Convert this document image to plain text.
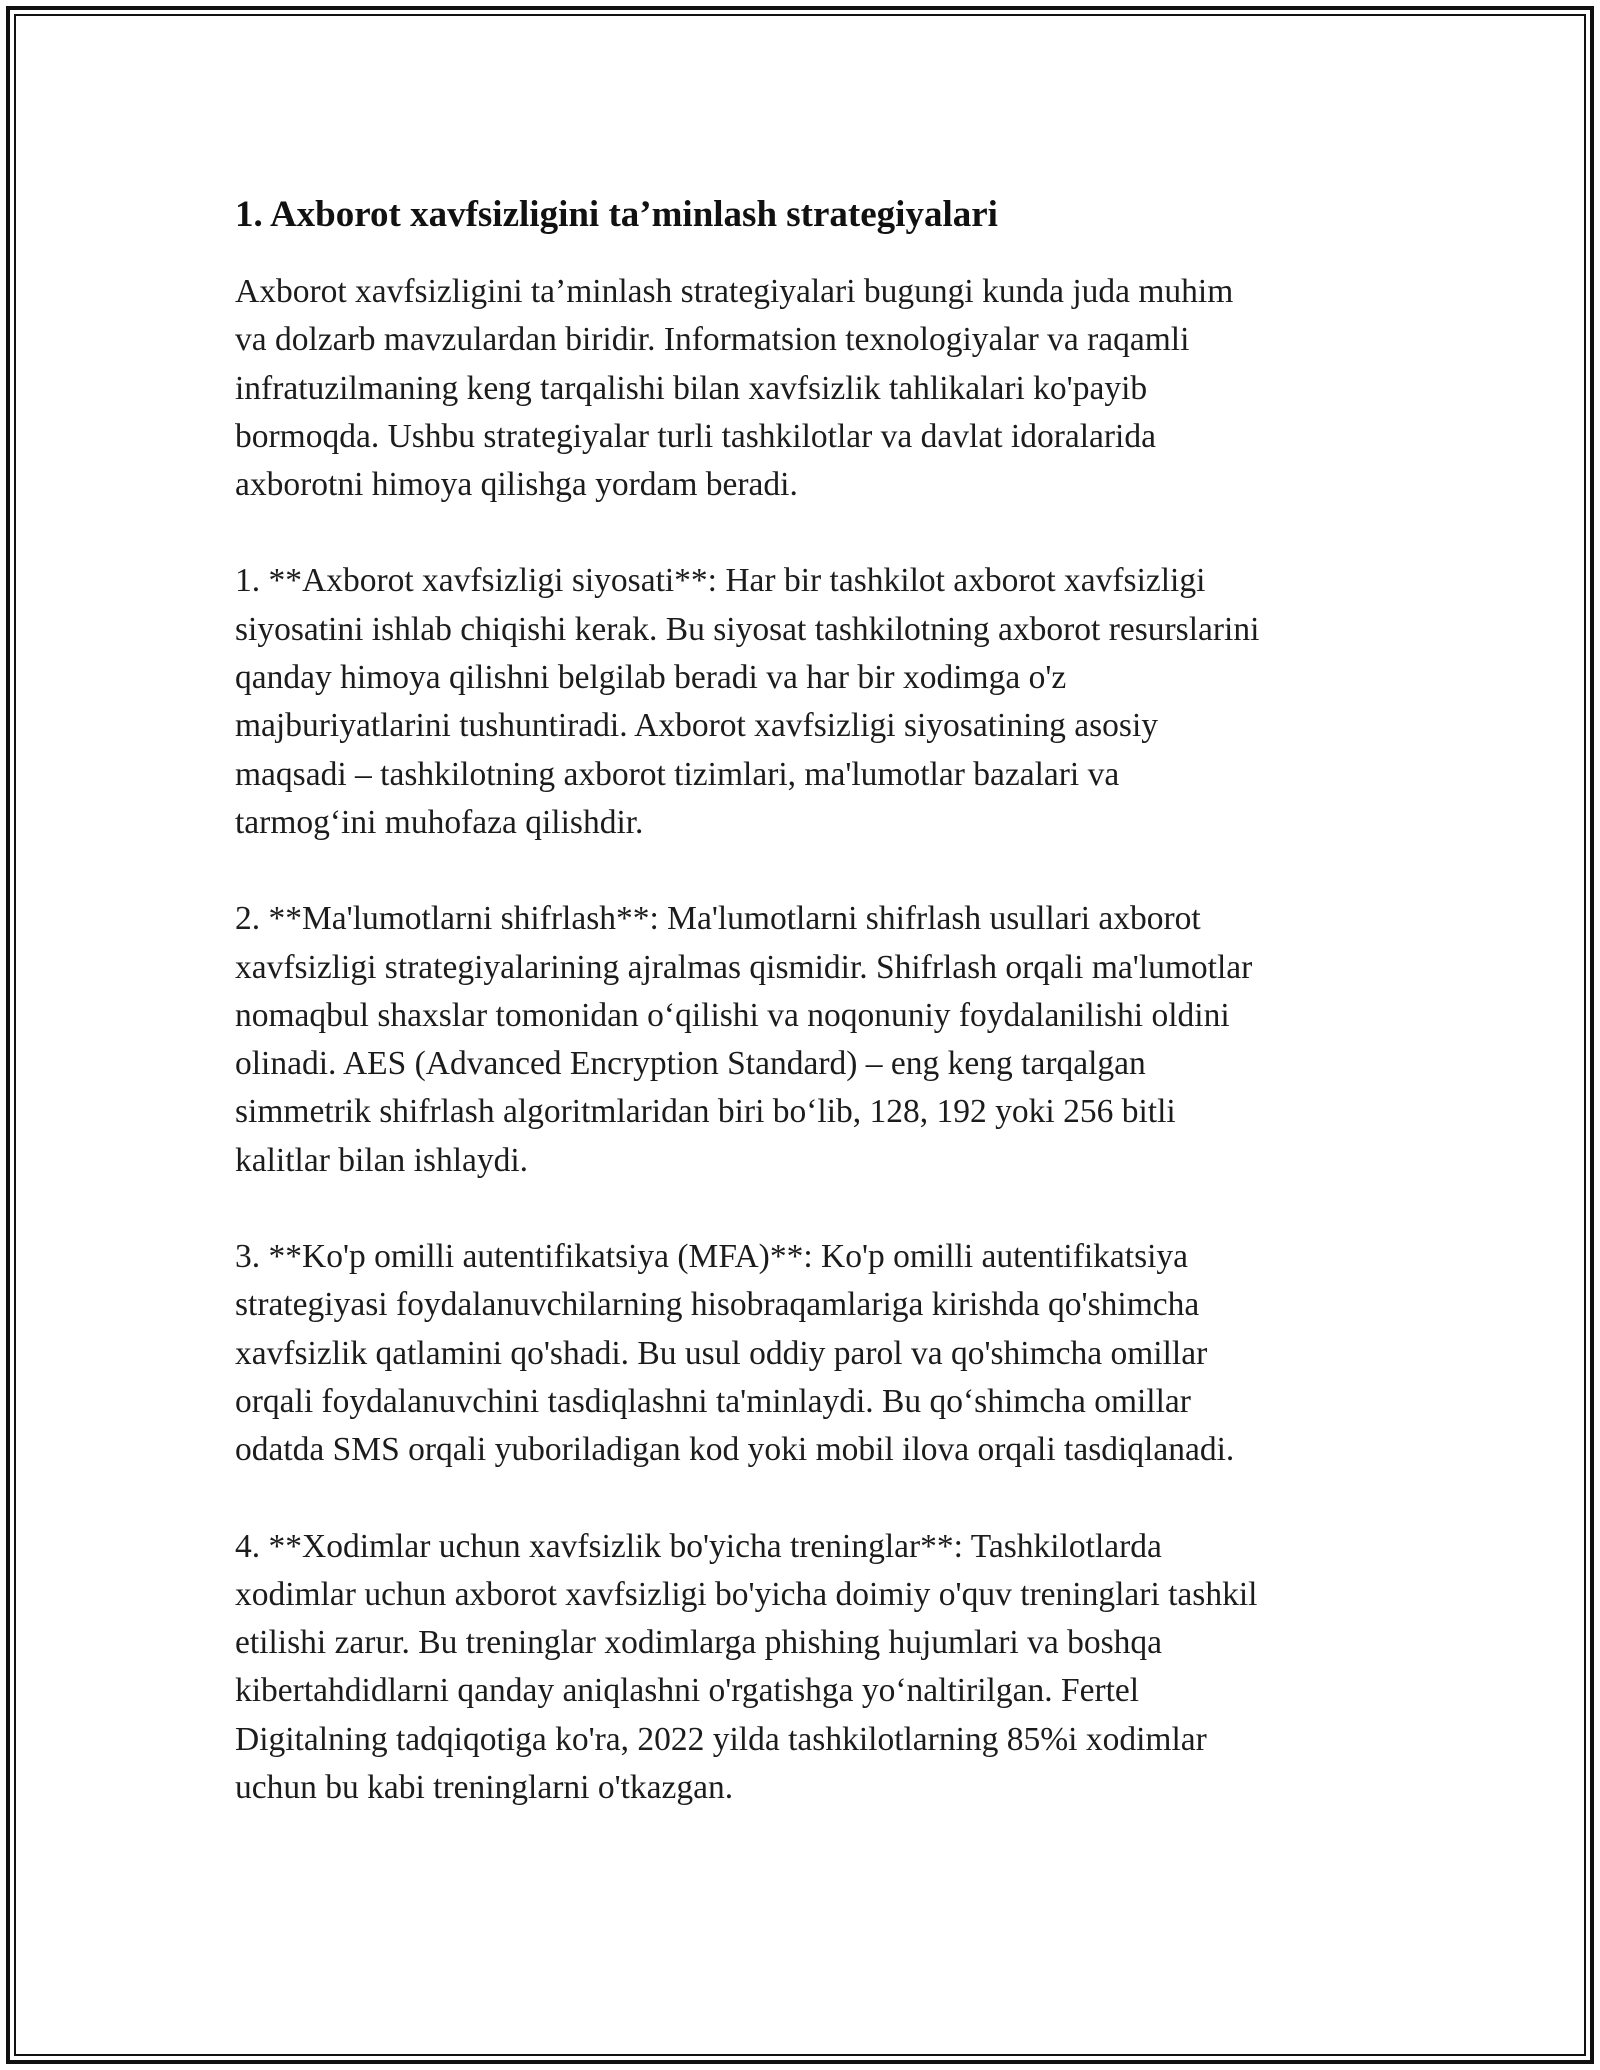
1. Axborot xavfsizligini ta’minlash strategiyalari

Axborot xavfsizligini ta’minlash strategiyalari bugungi kunda juda muhim
va dolzarb mavzulardan biridir. Informatsion texnologiyalar va raqamli
infratuzilmaning keng tarqalishi bilan xavfsizlik tahlikalari ko'payib
bormoqda. Ushbu strategiyalar turli tashkilotlar va davlat idoralarida
axborotni himoya qilishga yordam beradi.

1. **Axborot xavfsizligi siyosati**: Har bir tashkilot axborot xavfsizligi
siyosatini ishlab chiqishi kerak. Bu siyosat tashkilotning axborot resurslarini
qanday himoya qilishni belgilab beradi va har bir xodimga o'z
majburiyatlarini tushuntiradi. Axborot xavfsizligi siyosatining asosiy
maqsadi – tashkilotning axborot tizimlari, ma'lumotlar bazalari va
tarmog‘ini muhofaza qilishdir.

2. **Ma'lumotlarni shifrlash**: Ma'lumotlarni shifrlash usullari axborot
xavfsizligi strategiyalarining ajralmas qismidir. Shifrlash orqali ma'lumotlar
nomaqbul shaxslar tomonidan o‘qilishi va noqonuniy foydalanilishi oldini
olinadi. AES (Advanced Encryption Standard) – eng keng tarqalgan
simmetrik shifrlash algoritmlaridan biri bo‘lib, 128, 192 yoki 256 bitli
kalitlar bilan ishlaydi.

3. **Ko'p omilli autentifikatsiya (MFA)**: Ko'p omilli autentifikatsiya
strategiyasi foydalanuvchilarning hisobraqamlariga kirishda qo'shimcha
xavfsizlik qatlamini qo'shadi. Bu usul oddiy parol va qo'shimcha omillar
orqali foydalanuvchini tasdiqlashni ta'minlaydi. Bu qo‘shimcha omillar
odatda SMS orqali yuboriladigan kod yoki mobil ilova orqali tasdiqlanadi.

4. **Xodimlar uchun xavfsizlik bo'yicha treninglar**: Tashkilotlarda
xodimlar uchun axborot xavfsizligi bo'yicha doimiy o'quv treninglari tashkil
etilishi zarur. Bu treninglar xodimlarga phishing hujumlari va boshqa
kibertahdidlarni qanday aniqlashni o'rgatishga yo‘naltirilgan. Fertel
Digitalning tadqiqotiga ko'ra, 2022 yilda tashkilotlarning 85%i xodimlar
uchun bu kabi treninglarni o'tkazgan.
